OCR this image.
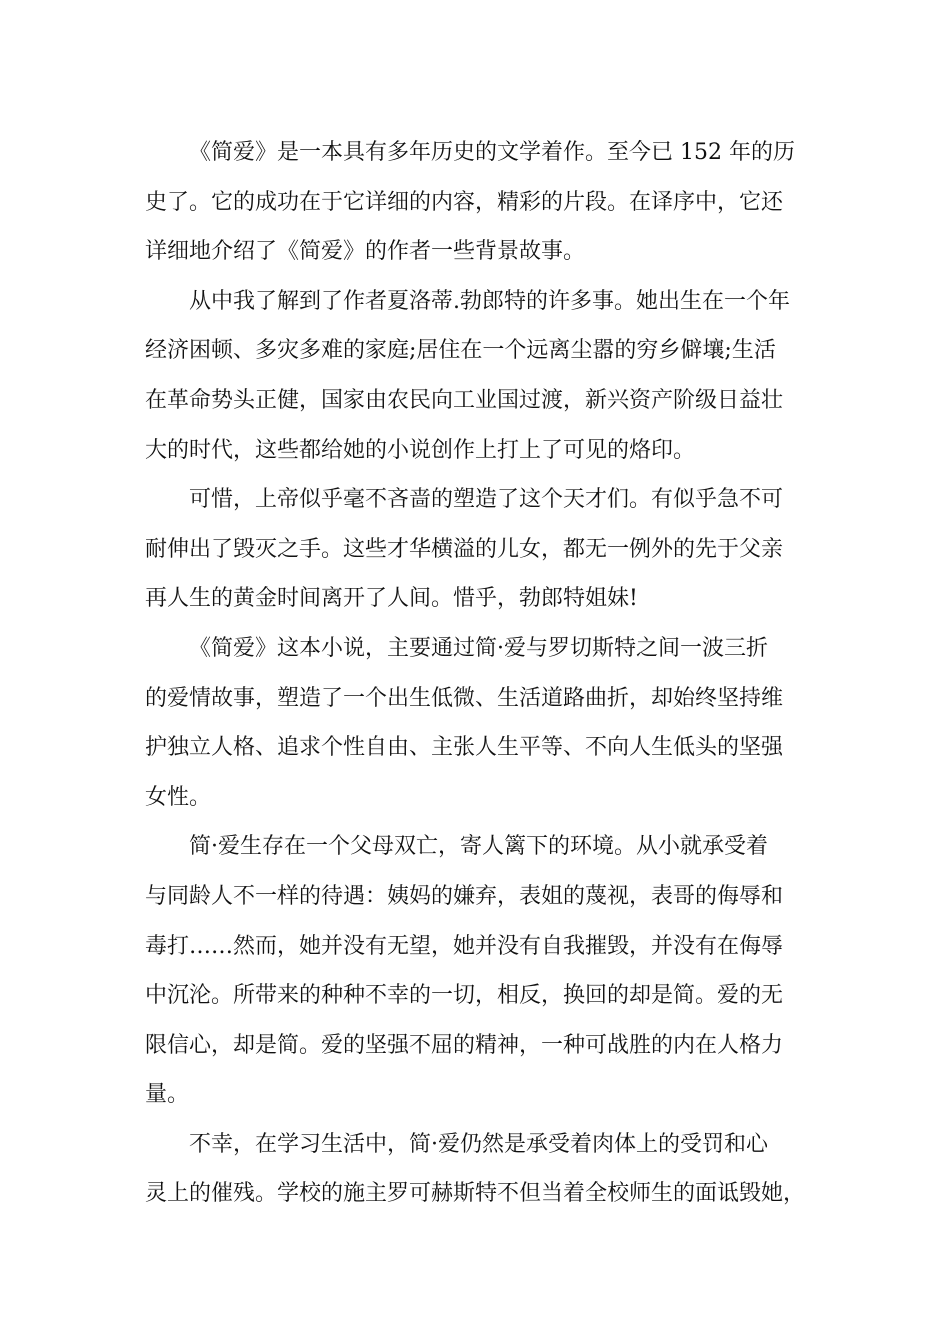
《简爱》是一本具有多年历史的文学着作。至今已 152 年的历
史了。它的成功在于它详细的内容，精彩的片段。在译序中，它还
详细地介绍了《简爱》的作者一些背景故事。
从中我了解到了作者夏洛蒂.勃郎特的许多事。她出生在一个年
经济困顿、多灾多难的家庭;居住在一个远离尘嚣的穷乡僻壤;生活
在革命势头正健，国家由农民向工业国过渡，新兴资产阶级日益壮
大的时代，这些都给她的小说创作上打上了可见的烙印。
可惜，上帝似乎毫不吝啬的塑造了这个天才们。有似乎急不可
耐伸出了毁灭之手。这些才华横溢的儿女，都无一例外的先于父亲
再人生的黄金时间离开了人间。惜乎，勃郎特姐妹!
《简爱》这本小说，主要通过简·爱与罗切斯特之间一波三折
的爱情故事，塑造了一个出生低微、生活道路曲折，却始终坚持维
护独立人格、追求个性自由、主张人生平等、不向人生低头的坚强
女性。
简·爱生存在一个父母双亡，寄人篱下的环境。从小就承受着
与同龄人不一样的待遇：姨妈的嫌弃，表姐的蔑视，表哥的侮辱和
毒打……然而，她并没有无望，她并没有自我摧毁，并没有在侮辱
中沉沦。所带来的种种不幸的一切，相反，换回的却是简。爱的无
限信心，却是简。爱的坚强不屈的精神，一种可战胜的内在人格力
量。
不幸，在学习生活中，简·爱仍然是承受着肉体上的受罚和心
灵上的催残。学校的施主罗可赫斯特不但当着全校师生的面诋毁她，
